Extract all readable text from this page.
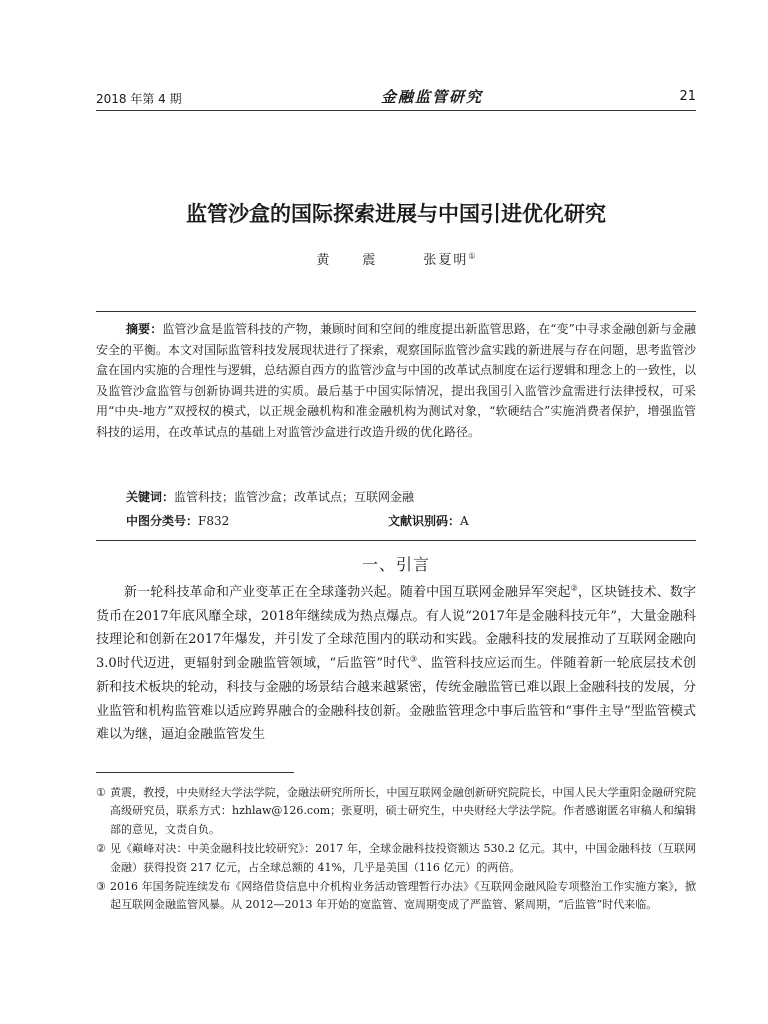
2018 年第 4 期	金融监管研究	21
监管沙盒的国际探索进展与中国引进优化研究
黄　震	张夏明①
摘要：监管沙盒是监管科技的产物，兼顾时间和空间的维度提出新监管思路，在“变”中寻求金融创新与金融安全的平衡。本文对国际监管科技发展现状进行了探索，观察国际监管沙盒实践的新进展与存在问题，思考监管沙盒在国内实施的合理性与逻辑，总结源自西方的监管沙盒与中国的改革试点制度在运行逻辑和理念上的一致性，以及监管沙盒监管与创新协调共进的实质。最后基于中国实际情况，提出我国引入监管沙盒需进行法律授权，可采用“中央-地方”双授权的模式，以正规金融机构和准金融机构为测试对象，“软硬结合”实施消费者保护，增强监管科技的运用，在改革试点的基础上对监管沙盒进行改造升级的优化路径。
关键词：监管科技；监管沙盒；改革试点；互联网金融
中图分类号：F832	文献识别码：A
一、引言
新一轮科技革命和产业变革正在全球蓬勃兴起。随着中国互联网金融异军突起②，区块链技术、数字货币在2017年底风靡全球，2018年继续成为热点爆点。有人说“2017年是金融科技元年”，大量金融科技理论和创新在2017年爆发，并引发了全球范围内的联动和实践。金融科技的发展推动了互联网金融向3.0时代迈进，更辐射到金融监管领域，“后监管”时代③、监管科技应运而生。伴随着新一轮底层技术创新和技术板块的轮动，科技与金融的场景结合越来越紧密，传统金融监管已难以跟上金融科技的发展，分业监管和机构监管难以适应跨界融合的金融科技创新。金融监管理念中事后监管和“事件主导”型监管模式难以为继，逼迫金融监管发生
① 黄震，教授，中央财经大学法学院，金融法研究所所长，中国互联网金融创新研究院院长，中国人民大学重阳金融研究院高级研究员，联系方式：hzhlaw@126.com；张夏明，硕士研究生，中央财经大学法学院。作者感谢匿名审稿人和编辑部的意见，文责自负。
② 见《巅峰对决：中美金融科技比较研究》：2017 年，全球金融科技投资额达 530.2 亿元。其中，中国金融科技（互联网金融）获得投资 217 亿元，占全球总额的 41%，几乎是美国（116 亿元）的两倍。
③ 2016 年国务院连续发布《网络借贷信息中介机构业务活动管理暂行办法》《互联网金融风险专项整治工作实施方案》，掀起互联网金融监管风暴。从 2012—2013 年开始的宽监管、宽周期变成了严监管、紧周期，“后监管”时代来临。
